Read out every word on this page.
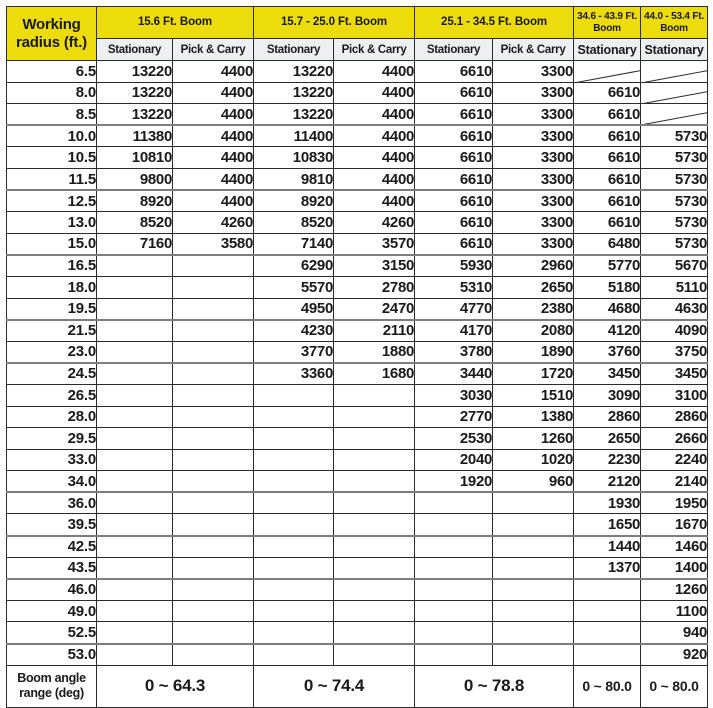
Working
radius (ft.)	15.6 Ft. Boom		15.7 - 25.0 Ft. Boom		25.1 - 34.5 Ft. Boom		34.6 - 43.9 Ft. Boom	44.0 - 53.4 Ft. Boom
	Stationary	Pick & Carry	Stationary	Pick & Carry	Stationary	Pick & Carry	Stationary	Stationary
6.5	13220	4400	13220	4400	6610	3300		
8.0	13220	4400	13220	4400	6610	3300	6610	
8.5	13220	4400	13220	4400	6610	3300	6610	
10.0	11380	4400	11400	4400	6610	3300	6610	5730
10.5	10810	4400	10830	4400	6610	3300	6610	5730
11.5	9800	4400	9810	4400	6610	3300	6610	5730
12.5	8920	4400	8920	4400	6610	3300	6610	5730
13.0	8520	4260	8520	4260	6610	3300	6610	5730
15.0	7160	3580	7140	3570	6610	3300	6480	5730
16.5			6290	3150	5930	2960	5770	5670
18.0			5570	2780	5310	2650	5180	5110
19.5			4950	2470	4770	2380	4680	4630
21.5			4230	2110	4170	2080	4120	4090
23.0			3770	1880	3780	1890	3760	3750
24.5			3360	1680	3440	1720	3450	3450
26.5					3030	1510	3090	3100
28.0					2770	1380	2860	2860
29.5					2530	1260	2650	2660
33.0					2040	1020	2230	2240
34.0					1920	960	2120	2140
36.0							1930	1950
39.5							1650	1670
42.5							1440	1460
43.5							1370	1400
46.0								1260
49.0								1100
52.5								940
53.0								920
Boom angle
range (deg)	0 ~ 64.3		0 ~ 74.4		0 ~ 78.8		0 ~ 80.0	0 ~ 80.0
